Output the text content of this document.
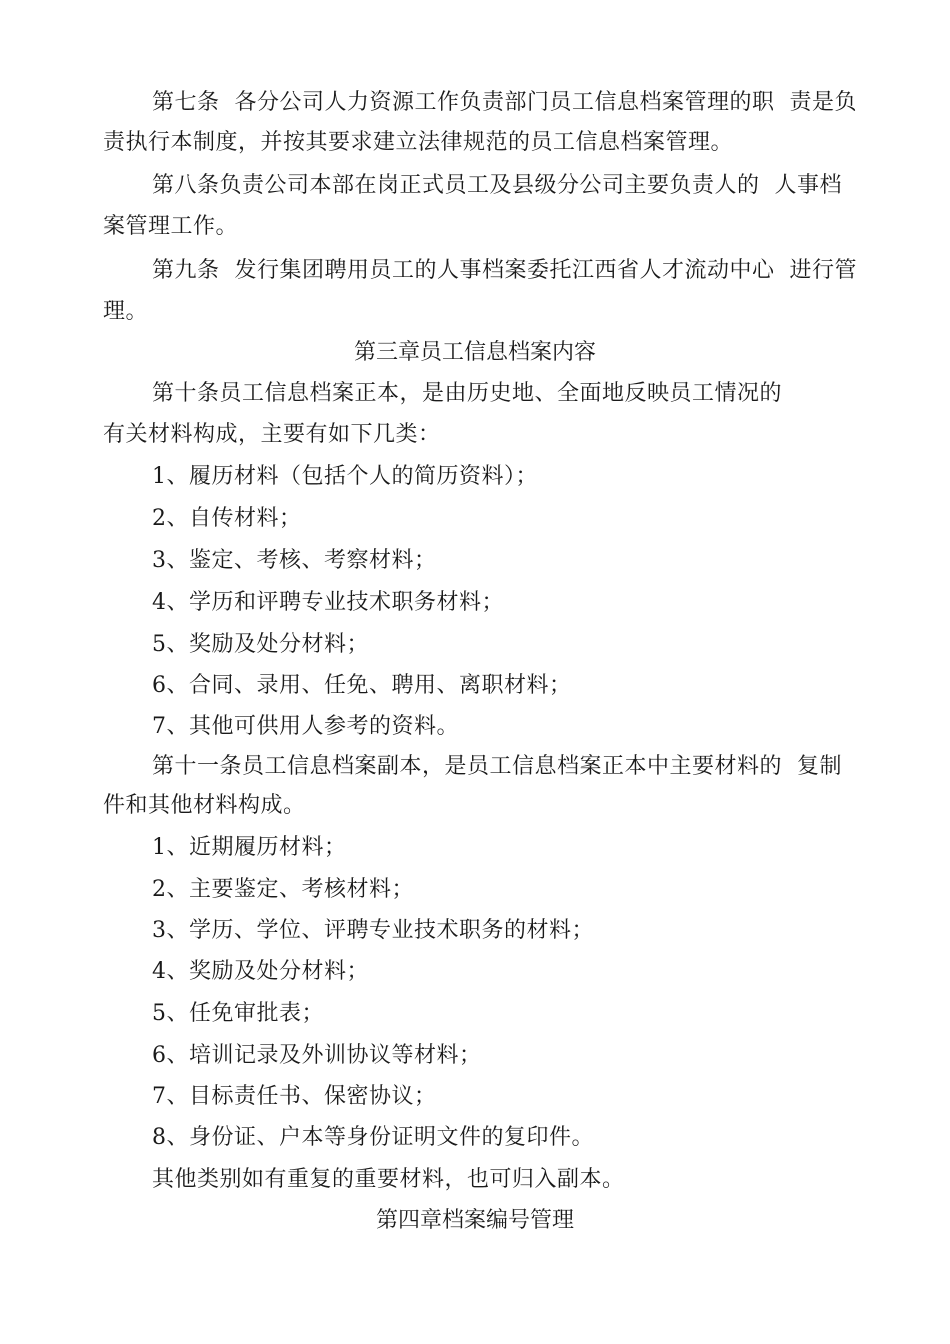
第七条  各分公司人力资源工作负责部门员工信息档案管理的职  责是负
责执行本制度，并按其要求建立法律规范的员工信息档案管理。
第八条负责公司本部在岗正式员工及县级分公司主要负责人的  人事档
案管理工作。
第九条  发行集团聘用员工的人事档案委托江西省人才流动中心  进行管
理。
第三章员工信息档案内容
第十条员工信息档案正本，是由历史地、全面地反映员工情况的
有关材料构成，主要有如下几类：
1、履历材料（包括个人的简历资料）；
2、自传材料；
3、鉴定、考核、考察材料；
4、学历和评聘专业技术职务材料；
5、奖励及处分材料；
6、合同、录用、任免、聘用、离职材料；
7、其他可供用人参考的资料。
第十一条员工信息档案副本，是员工信息档案正本中主要材料的  复制
件和其他材料构成。
1、近期履历材料；
2、主要鉴定、考核材料；
3、学历、学位、评聘专业技术职务的材料；
4、奖励及处分材料；
5、任免审批表；
6、培训记录及外训协议等材料；
7、目标责任书、保密协议；
8、身份证、户本等身份证明文件的复印件。
其他类别如有重复的重要材料，也可归入副本。
第四章档案编号管理
